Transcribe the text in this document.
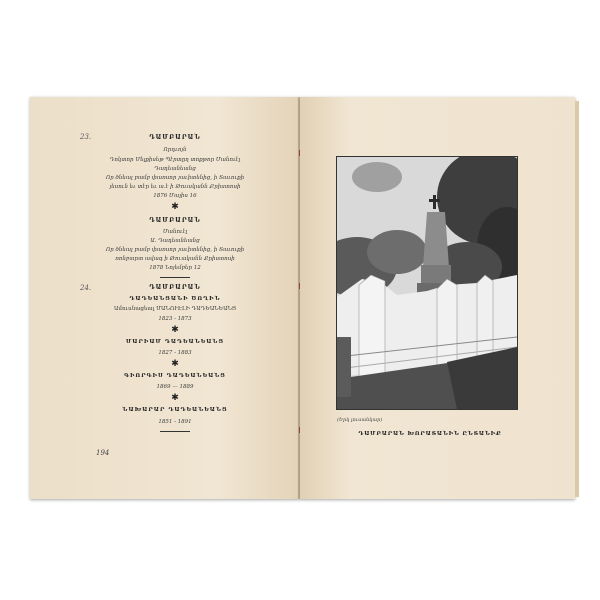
23.	ԴԱՄԲԱՐԱՆ
Որդւոյն
Դոկտոր Մելքիսեթ Պէրտըղ տոքթոր Մանուէլ
Դադեանեանց
Որ ծնեալ բամբ փառսոր յաւիտենից, ի Տաւուքի
յեսուն եւ տէր եւ ա.է ի Թուականն Քրիստոսի
1876 Մայիս 16
✱
ԴԱՄԲԱՐԱՆ
Մանուէլ
Ա. Դադեանեանց
Որ ծնեալ բամբ փառսոր յաւիտենից, ի Տաւուքի
ռոնբարտ ավագ ի Թուականն Քրիստոսի
1878 Նոյեմբեր 12
24.	ԴԱՄԲԱՐԱՆ
ԴԱԴԵԱՆՑԱՆԻ ԾՈՂԻՆ
Ամուսնացեալ ՄԱՆՈՒԷԼԻ ԴԱԴԵԱՆԵԱՆՑ
1823 ֊ 1873
✱
ՄԱՐԻԱՄ ԴԱԴԵԱՆԵԱՆՑ
1827 ֊ 1883
✱
ԳԻՈՐԳԻՍ ԴԱԴԵԱՆԵԱՆՑ
1869 — 1889
✱
ՆԱԽԱՐԱՐ ԴԱԴԵԱՆԵԱՆՑ
1851 ֊ 1891
194
(Երկ լուսանկար)
ԴԱՄԲԱՐԱՆ ԽՈՐԱՏԱՆԻՆ ԸՆՏԱՆԻՔ
